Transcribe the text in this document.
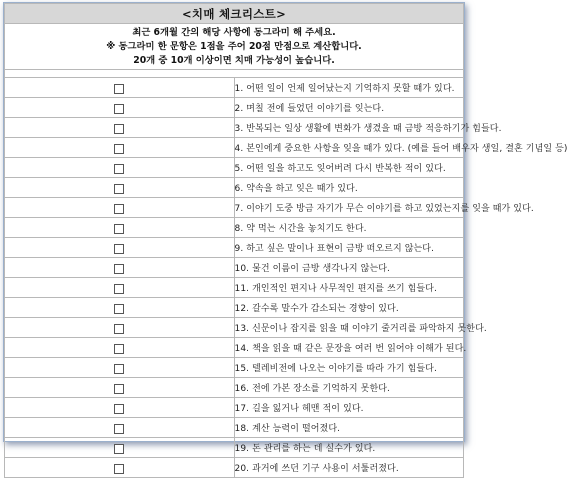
<치매 체크리스트>	

최근 6개월 간의 해당 사항에 동그라미 해 주세요.
※ 동그라미 한 문항은 1점을 주어 20점 만점으로 계산합니다.
20개 중 10개 이상이면 치매 가능성이 높습니다.	

	1. 어떤 일이 언제 일어났는지 기억하지 못할 때가 있다.
	2. 며칠 전에 들었던 이야기를 잊는다.
	3. 반복되는 일상 생활에 변화가 생겼을 때 금방 적응하기가 힘들다.
	4. 본인에게 중요한 사항을 잊을 때가 있다. (예를 들어 배우자 생일, 결혼 기념일 등)
	5. 어떤 일을 하고도 잊어버려 다시 반복한 적이 있다.
	6. 약속을 하고 잊은 때가 있다.
	7. 이야기 도중 방금 자기가 무슨 이야기를 하고 있었는지를 잊을 때가 있다.
	8. 약 먹는 시간을 놓치기도 한다.
	9. 하고 싶은 말이나 표현이 금방 떠오르지 않는다.
	10. 물건 이름이 금방 생각나지 않는다.
	11. 개인적인 편지나 사무적인 편지를 쓰기 힘들다.
	12. 갈수록 말수가 감소되는 경향이 있다.
	13. 신문이나 잡지를 읽을 때 이야기 줄거리를 파악하지 못한다.
	14. 책을 읽을 때 같은 문장을 여러 번 읽어야 이해가 된다.
	15. 텔레비전에 나오는 이야기를 따라 가기 힘들다.
	16. 전에 가본 장소를 기억하지 못한다.
	17. 길을 잃거나 헤맨 적이 있다.
	18. 계산 능력이 떨어졌다.
	19. 돈 관리를 하는 데 실수가 있다.
	20. 과거에 쓰던 기구 사용이 서툴러졌다.
